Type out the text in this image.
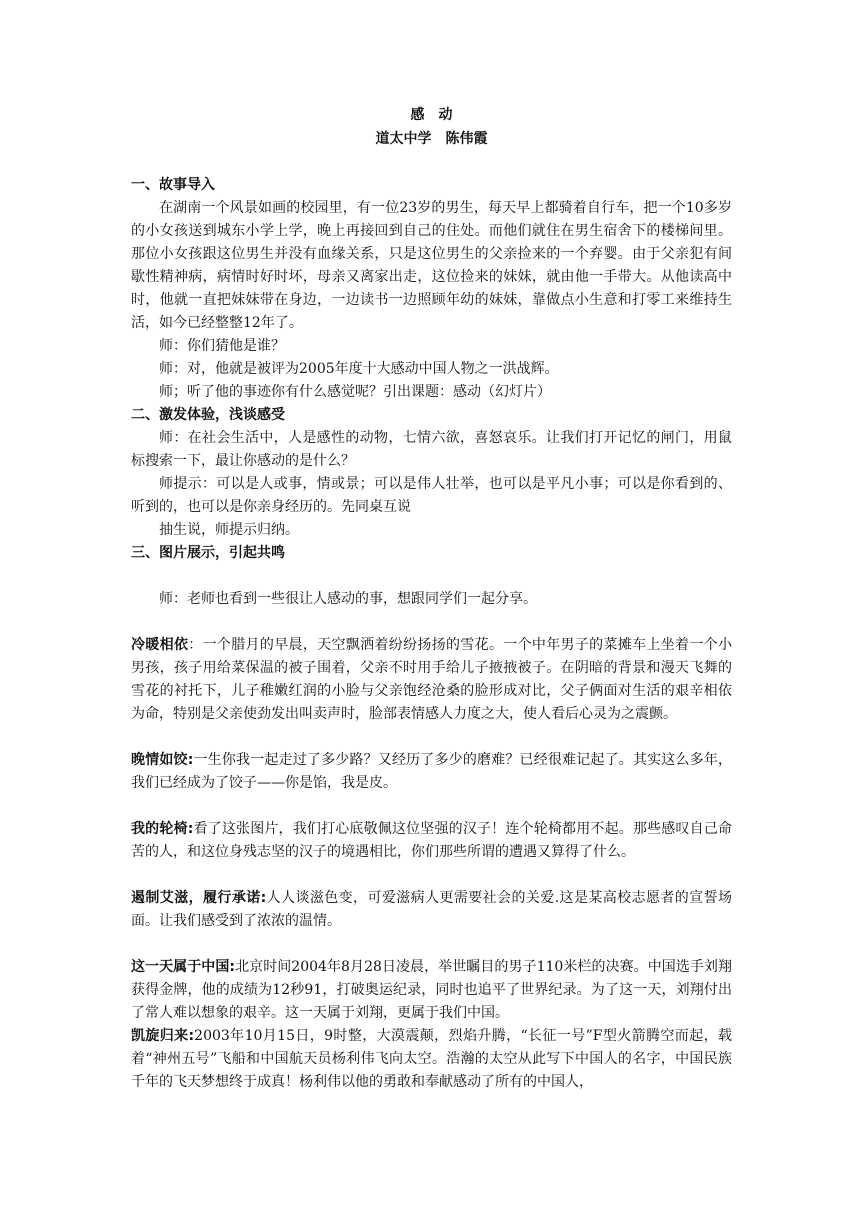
感　动
道太中学　陈伟霞
一、故事导入

在湖南一个风景如画的校园里，有一位23岁的男生，每天早上都骑着自行车，把一个10多岁的小女孩送到城东小学上学，晚上再接回到自己的住处。而他们就住在男生宿舍下的楼梯间里。那位小女孩跟这位男生并没有血缘关系，只是这位男生的父亲捡来的一个弃婴。由于父亲犯有间歇性精神病，病情时好时坏，母亲又离家出走，这位捡来的妹妹，就由他一手带大。从他读高中时，他就一直把妹妹带在身边，一边读书一边照顾年幼的妹妹，靠做点小生意和打零工来维持生活，如今已经整整12年了。

师：你们猜他是谁？

师：对，他就是被评为2005年度十大感动中国人物之一洪战辉。

师；听了他的事迹你有什么感觉呢？引出课题：感动（幻灯片）

二、激发体验，浅谈感受

师：在社会生活中，人是感性的动物，七情六欲，喜怒哀乐。让我们打开记忆的闸门，用鼠标搜索一下，最让你感动的是什么？

师提示：可以是人或事，情或景；可以是伟人壮举，也可以是平凡小事；可以是你看到的、听到的，也可以是你亲身经历的。先同桌互说

抽生说，师提示归纳。

三、图片展示，引起共鸣

师：老师也看到一些很让人感动的事，想跟同学们一起分享。

冷暖相依：一个腊月的早晨，天空飘洒着纷纷扬扬的雪花。一个中年男子的菜摊车上坐着一个小男孩，孩子用给菜保温的被子围着，父亲不时用手给儿子掖掖被子。在阴暗的背景和漫天飞舞的雪花的衬托下，儿子稚嫩红润的小脸与父亲饱经沧桑的脸形成对比，父子俩面对生活的艰辛相依为命，特别是父亲使劲发出叫卖声时，脸部表情感人力度之大，使人看后心灵为之震颤。

晚情如饺:一生你我一起走过了多少路？又经历了多少的磨难？已经很难记起了。其实这么多年，我们已经成为了饺子——你是馅，我是皮。

我的轮椅:看了这张图片，我们打心底敬佩这位坚强的汉子！连个轮椅都用不起。那些感叹自己命苦的人，和这位身残志坚的汉子的境遇相比，你们那些所谓的遭遇又算得了什么。

遏制艾滋，履行承诺:人人谈滋色变，可爱滋病人更需要社会的关爱.这是某高校志愿者的宣誓场面。让我们感受到了浓浓的温情。

这一天属于中国:北京时间2004年8月28日凌晨，举世瞩目的男子110米栏的决赛。中国选手刘翔获得金牌，他的成绩为12秒91，打破奥运纪录，同时也追平了世界纪录。为了这一天，刘翔付出了常人难以想象的艰辛。这一天属于刘翔，更属于我们中国。

凯旋归来:2003年10月15日，9时整，大漠震颠，烈焰升腾，“长征一号”F型火箭腾空而起，载着“神州五号”飞船和中国航天员杨利伟飞向太空。浩瀚的太空从此写下中国人的名字，中国民族千年的飞天梦想终于成真！杨利伟以他的勇敢和奉献感动了所有的中国人，
